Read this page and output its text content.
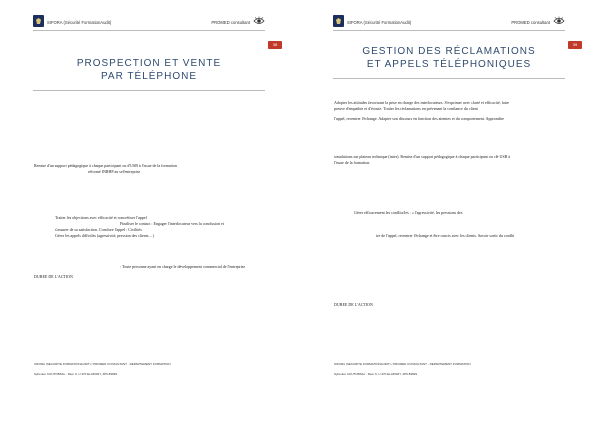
SIFORA (Sécurité FormationAudit)	PROMED consultant
38
PROSPECTION ET VENTE
PAR TÉLÉPHONE
Remise d'un support pédagogique à chaque participant ou d'USB à l'issue de la formation
réformé INRHP au sel'entreprise
Traiter les objections avec efficacité et concrétiser l'appel
Finaliser le contact : Engager l'interlocuteur vers la conclusion et
s'assurer de sa satisfaction. Conclure l'appel : Civilités
Gérer les appels difficiles (agressivité, pression des clients…)
: Toute personne ayant en charge le développement commercial de l'entreprise
DUREE DE L'ACTION
SIFORA (SECURITE FORMATIONAUDIT) / PROMED CONSULTANT · DEPARTEMENT FORMATION
Sybenter COUTOBSAL · Rem 9, U 470 ELL8002Y, 4P9 89999 .
SIFORA (Sécurité FormationAudit)	PROMED consultant
39
GESTION DES RÉCLAMATIONS
ET APPELS TÉLÉPHONIQUES
Adopter les attitudes favorisant la prise en charge des interlocuteurs. S'exprimer avec clarté et efficacité, faire
preuve d'empathie et d'écoute. Traiter les réclamations en prévenant la confiance du client
l'appel, recentrer l'échange. Adapter son discours en fonction des attentes et du comportement. Approndire
simulations sur plateau technique (inter). Remise d'un support pédagogique à chaque participant ou clé USB à
l'issue de la formation.
Gérer efficacement les conflits/les : « l'agressivité, les pressions des
tre de l'appel, recentrer l'échange et être concis avec les clients. Savoir sortir du conflit
DUREE DE L'ACTION
SIFORA (SECURITE FORMATIONAUDIT) / PROMED CONSULTANT · DEPARTEMENT FORMATION
Sybenter COUTOBSAL · Rem 9, U 470 ELL8002Y, 4P9 89999 .
